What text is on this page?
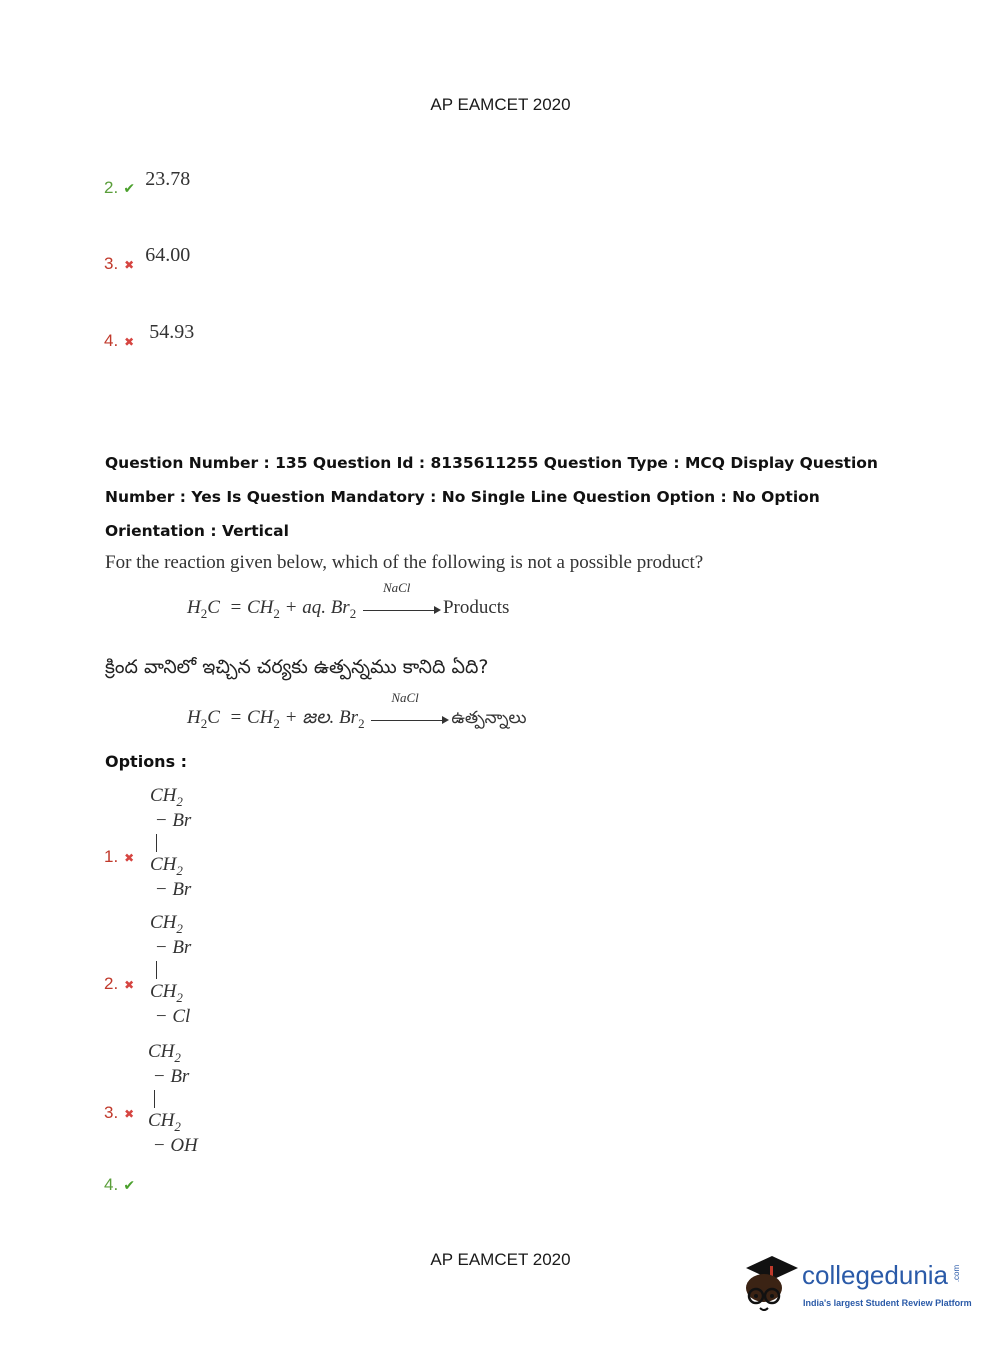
AP EAMCET 2020
2. ✔ 23.78
3. ✖ 64.00
4. ✖ 54.93
Question Number : 135 Question Id : 8135611255 Question Type : MCQ Display Question
Number : Yes Is Question Mandatory : No Single Line Question Option : No Option
Orientation : Vertical
For the reaction given below, which of the following is not a possible product?
$H_2C = CH_2$ + aq. $Br_2$
NaCl
Products
క్రింద వానిలో ఇచ్చిన చర్యకు ఉత్పన్నము కానిది ఏది?
$H_2C = CH_2$ + జల. $Br_2$
NaCl
ఉత్పన్నాలు
Options :
$CH_2 - Br$
$CH_2 - Br$
1. ✖
$CH_2 - Br$
$CH_2 - Cl$
2. ✖
$CH_2 - Br$
$CH_2$ − OH
3. ✖
4. ✔
AP EAMCET 2020
collegedunia .com
India's largest Student Review Platform
